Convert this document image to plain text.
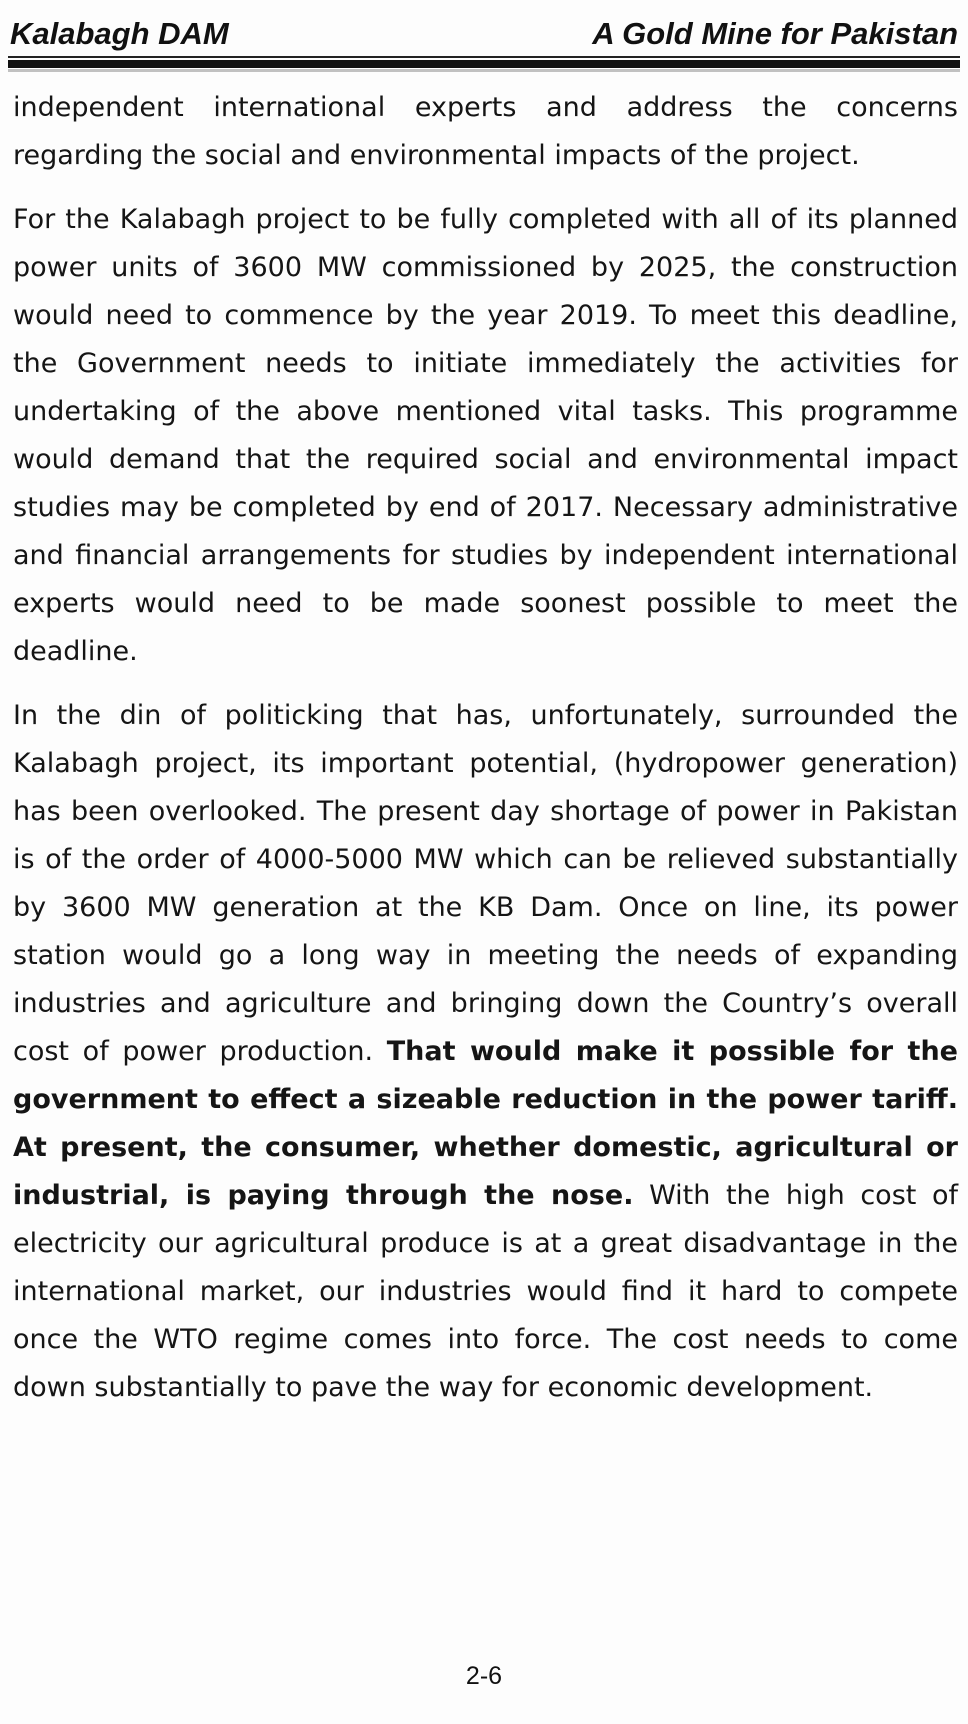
Kalabagh DAM	A Gold Mine for Pakistan

independent international experts and address the concerns regarding the social and environmental impacts of the project.

For the Kalabagh project to be fully completed with all of its planned power units of 3600 MW commissioned by 2025, the construction would need to commence by the year 2019. To meet this deadline, the Government needs to initiate immediately the activities for undertaking of the above mentioned vital tasks. This programme would demand that the required social and environmental impact studies may be completed by end of 2017. Necessary administrative and financial arrangements for studies by independent international experts would need to be made soonest possible to meet the deadline.

In the din of politicking that has, unfortunately, surrounded the Kalabagh project, its important potential, (hydropower generation) has been overlooked. The present day shortage of power in Pakistan is of the order of 4000-5000 MW which can be relieved substantially by 3600 MW generation at the KB Dam. Once on line, its power station would go a long way in meeting the needs of expanding industries and agriculture and bringing down the Country’s overall cost of power production. That would make it possible for the government to effect a sizeable reduction in the power tariff. At present, the consumer, whether domestic, agricultural or industrial, is paying through the nose. With the high cost of electricity our agricultural produce is at a great disadvantage in the international market, our industries would find it hard to compete once the WTO regime comes into force. The cost needs to come down substantially to pave the way for economic development.

2-6
